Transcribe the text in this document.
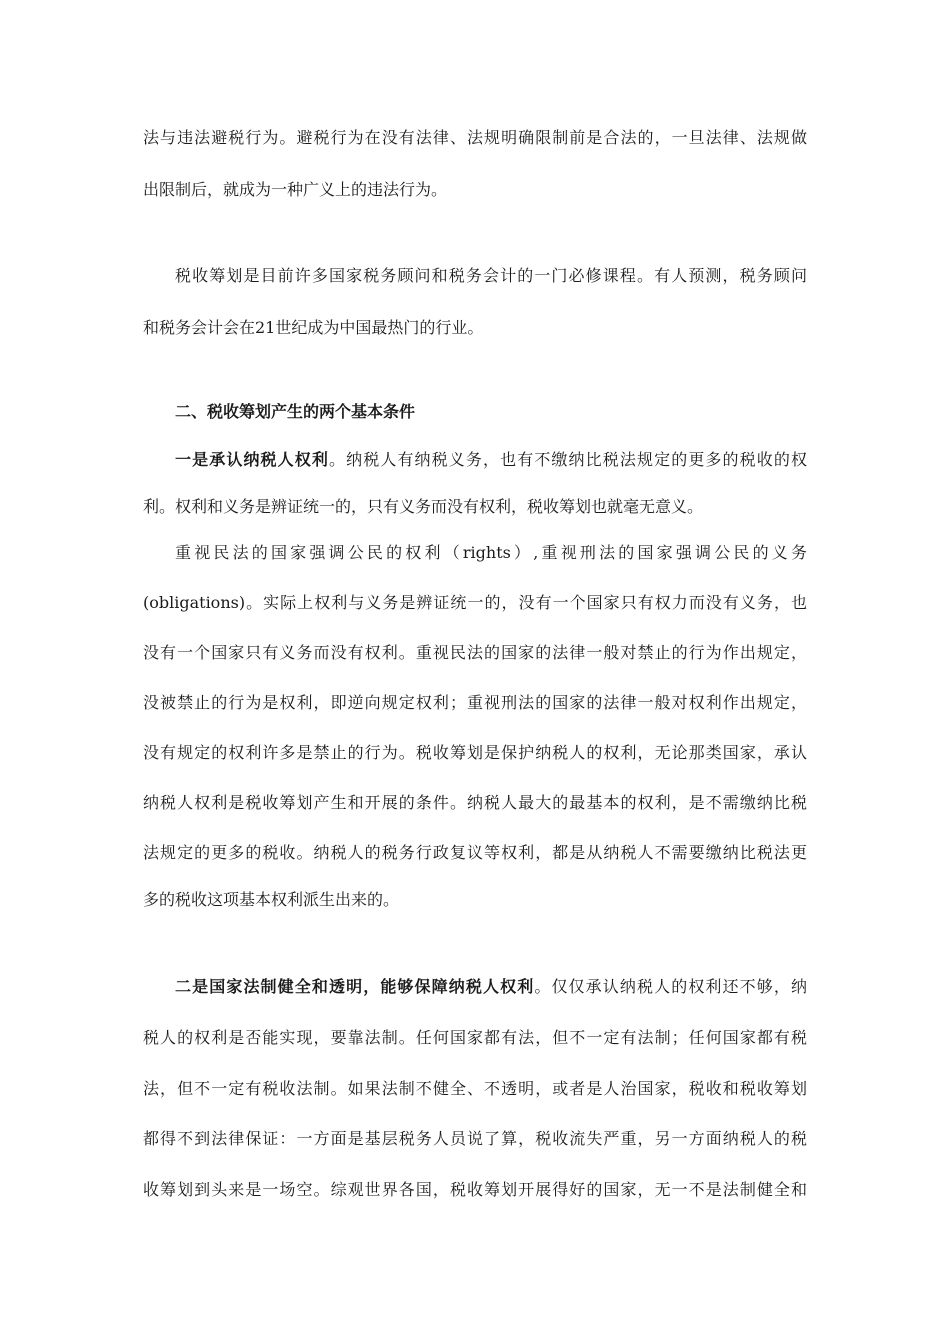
法与违法避税行为。避税行为在没有法律、法规明确限制前是合法的，一旦法律、法规做
出限制后，就成为一种广义上的违法行为。
税收筹划是目前许多国家税务顾问和税务会计的一门必修课程。有人预测，税务顾问
和税务会计会在21世纪成为中国最热门的行业。
二、税收筹划产生的两个基本条件
一是承认纳税人权利。纳税人有纳税义务，也有不缴纳比税法规定的更多的税收的权
利。权利和义务是辨证统一的，只有义务而没有权利，税收筹划也就毫无意义。
重视民法的国家强调公民的权利（rights）,重视刑法的国家强调公民的义务
(obligations)。实际上权利与义务是辨证统一的，没有一个国家只有权力而没有义务，也
没有一个国家只有义务而没有权利。重视民法的国家的法律一般对禁止的行为作出规定，
没被禁止的行为是权利，即逆向规定权利；重视刑法的国家的法律一般对权利作出规定，
没有规定的权利许多是禁止的行为。税收筹划是保护纳税人的权利，无论那类国家，承认
纳税人权利是税收筹划产生和开展的条件。纳税人最大的最基本的权利，是不需缴纳比税
法规定的更多的税收。纳税人的税务行政复议等权利，都是从纳税人不需要缴纳比税法更
多的税收这项基本权利派生出来的。
二是国家法制健全和透明，能够保障纳税人权利。仅仅承认纳税人的权利还不够，纳
税人的权利是否能实现，要靠法制。任何国家都有法，但不一定有法制；任何国家都有税
法，但不一定有税收法制。如果法制不健全、不透明，或者是人治国家，税收和税收筹划
都得不到法律保证：一方面是基层税务人员说了算，税收流失严重，另一方面纳税人的税
收筹划到头来是一场空。综观世界各国，税收筹划开展得好的国家，无一不是法制健全和
